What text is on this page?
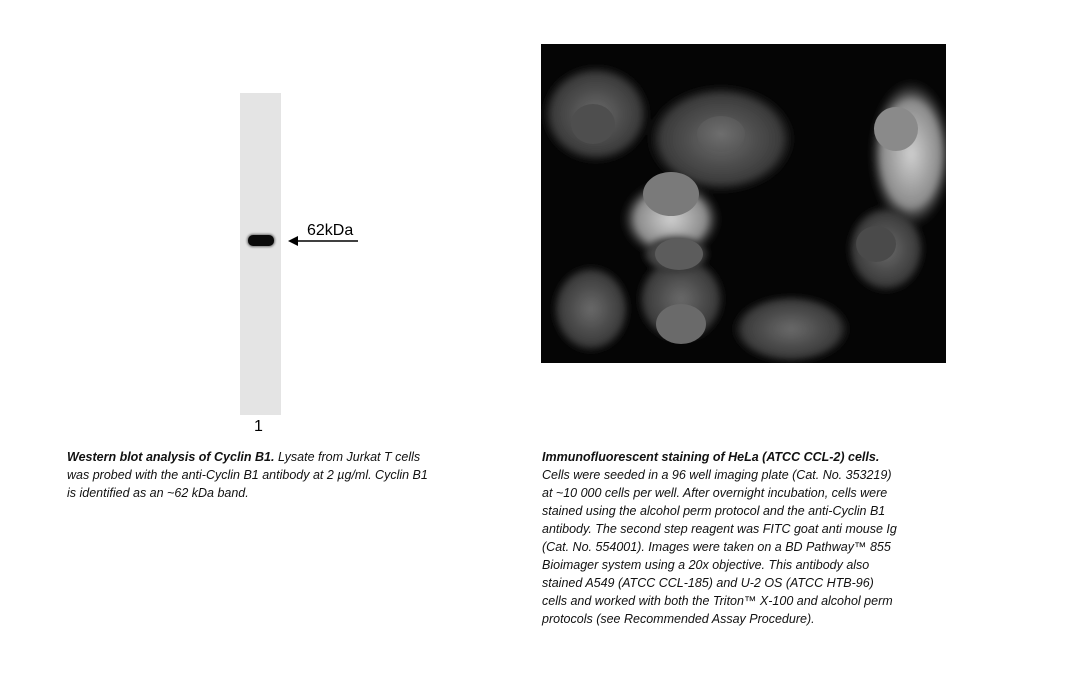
62kDa
1
Western blot analysis of Cyclin B1. Lysate from Jurkat T cells was probed with the anti-Cyclin B1 antibody at 2 µg/ml. Cyclin B1 is identified as an ~62 kDa band.
Immunofluorescent staining of HeLa (ATCC CCL-2) cells. Cells were seeded in a 96 well imaging plate (Cat. No. 353219) at ~10 000 cells per well. After overnight incubation, cells were stained using the alcohol perm protocol and the anti-Cyclin B1 antibody. The second step reagent was FITC goat anti mouse Ig (Cat. No. 554001). Images were taken on a BD Pathway™ 855 Bioimager system using a 20x objective. This antibody also stained A549 (ATCC CCL-185) and U-2 OS (ATCC HTB-96) cells and worked with both the Triton™ X-100 and alcohol perm protocols (see Recommended Assay Procedure).
